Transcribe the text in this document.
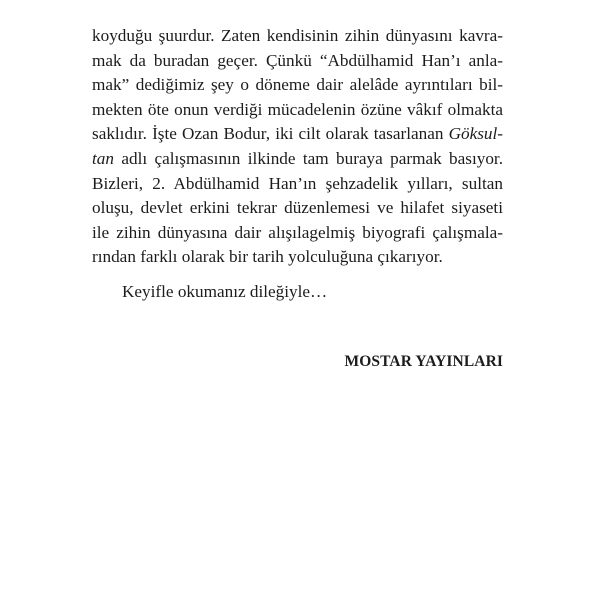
koyduğu şuurdur. Zaten kendisinin zihin dünyasını kavra-
mak da buradan geçer. Çünkü “Abdülhamid Han’ı anla-
mak” dediğimiz şey o döneme dair alelâde ayrıntıları bil-
mekten öte onun verdiği mücadelenin özüne vâkıf olmakta
saklıdır. İşte Ozan Bodur, iki cilt olarak tasarlanan Göksul-
tan adlı çalışmasının ilkinde tam buraya parmak basıyor.
Bizleri, 2. Abdülhamid Han’ın şehzadelik yılları, sultan
oluşu, devlet erkini tekrar düzenlemesi ve hilafet siyaseti
ile zihin dünyasına dair alışılagelmiş biyografi çalışmala-
rından farklı olarak bir tarih yolculuğuna çıkarıyor.

Keyifle okumanız dileğiyle…

MOSTAR YAYINLARI
